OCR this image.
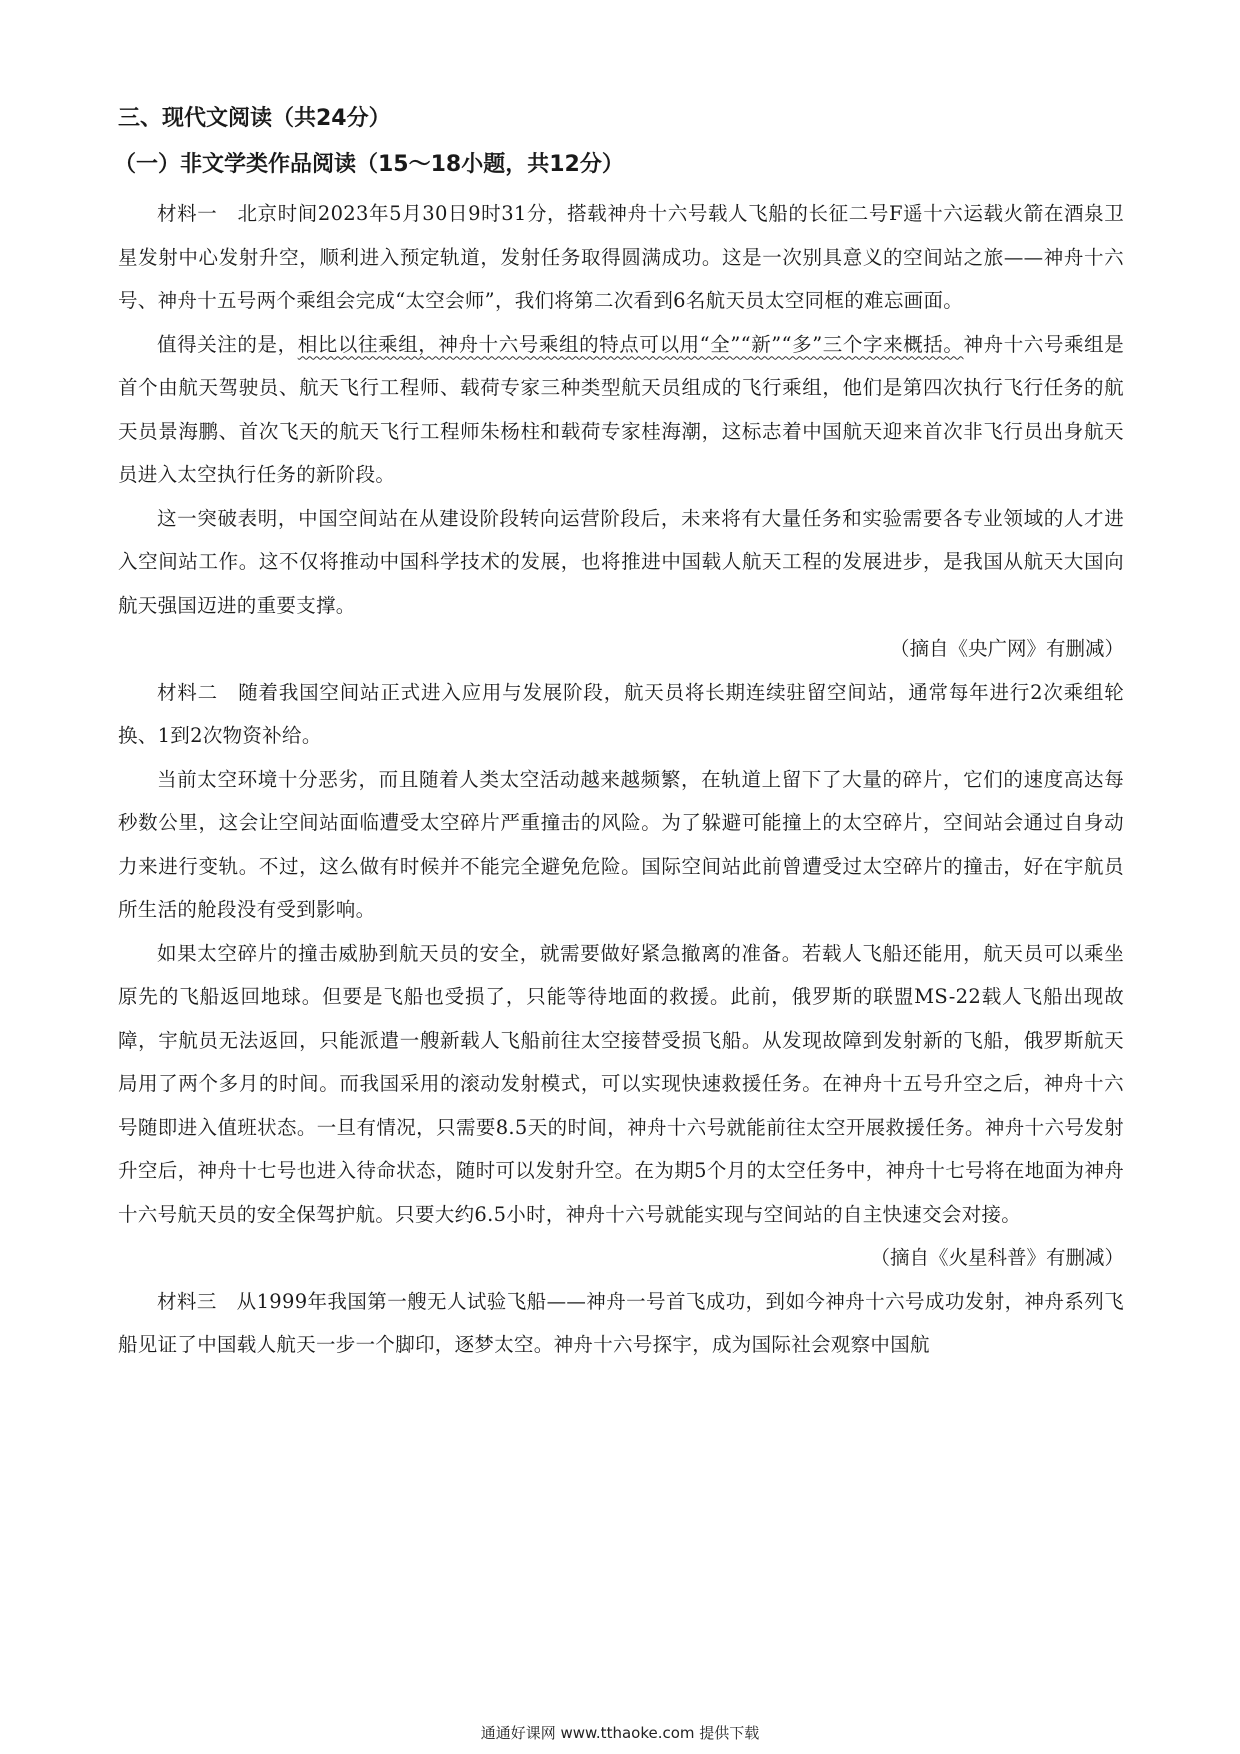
三、现代文阅读（共24分）
（一）非文学类作品阅读（15～18小题，共12分）

材料一　北京时间2023年5月30日9时31分，搭载神舟十六号载人飞船的长征二号F遥十六运载火箭在酒泉卫星发射中心发射升空，顺利进入预定轨道，发射任务取得圆满成功。这是一次别具意义的空间站之旅——神舟十六号、神舟十五号两个乘组会完成“太空会师”，我们将第二次看到6名航天员太空同框的难忘画面。

值得关注的是，相比以往乘组，神舟十六号乘组的特点可以用“全”“新”“多”三个字来概括。神舟十六号乘组是首个由航天驾驶员、航天飞行工程师、载荷专家三种类型航天员组成的飞行乘组，他们是第四次执行飞行任务的航天员景海鹏、首次飞天的航天飞行工程师朱杨柱和载荷专家桂海潮，这标志着中国航天迎来首次非飞行员出身航天员进入太空执行任务的新阶段。

这一突破表明，中国空间站在从建设阶段转向运营阶段后，未来将有大量任务和实验需要各专业领域的人才进入空间站工作。这不仅将推动中国科学技术的发展，也将推进中国载人航天工程的发展进步，是我国从航天大国向航天强国迈进的重要支撑。

（摘自《央广网》有删减）

材料二　随着我国空间站正式进入应用与发展阶段，航天员将长期连续驻留空间站，通常每年进行2次乘组轮换、1到2次物资补给。

当前太空环境十分恶劣，而且随着人类太空活动越来越频繁，在轨道上留下了大量的碎片，它们的速度高达每秒数公里，这会让空间站面临遭受太空碎片严重撞击的风险。为了躲避可能撞上的太空碎片，空间站会通过自身动力来进行变轨。不过，这么做有时候并不能完全避免危险。国际空间站此前曾遭受过太空碎片的撞击，好在宇航员所生活的舱段没有受到影响。

如果太空碎片的撞击威胁到航天员的安全，就需要做好紧急撤离的准备。若载人飞船还能用，航天员可以乘坐原先的飞船返回地球。但要是飞船也受损了，只能等待地面的救援。此前，俄罗斯的联盟MS-22载人飞船出现故障，宇航员无法返回，只能派遣一艘新载人飞船前往太空接替受损飞船。从发现故障到发射新的飞船，俄罗斯航天局用了两个多月的时间。而我国采用的滚动发射模式，可以实现快速救援任务。在神舟十五号升空之后，神舟十六号随即进入值班状态。一旦有情况，只需要8.5天的时间，神舟十六号就能前往太空开展救援任务。神舟十六号发射升空后，神舟十七号也进入待命状态，随时可以发射升空。在为期5个月的太空任务中，神舟十七号将在地面为神舟十六号航天员的安全保驾护航。只要大约6.5小时，神舟十六号就能实现与空间站的自主快速交会对接。

（摘自《火星科普》有删减）

材料三　从1999年我国第一艘无人试验飞船——神舟一号首飞成功，到如今神舟十六号成功发射，神舟系列飞船见证了中国载人航天一步一个脚印，逐梦太空。神舟十六号探宇，成为国际社会观察中国航

通通好课网 www.tthaoke.com 提供下载
